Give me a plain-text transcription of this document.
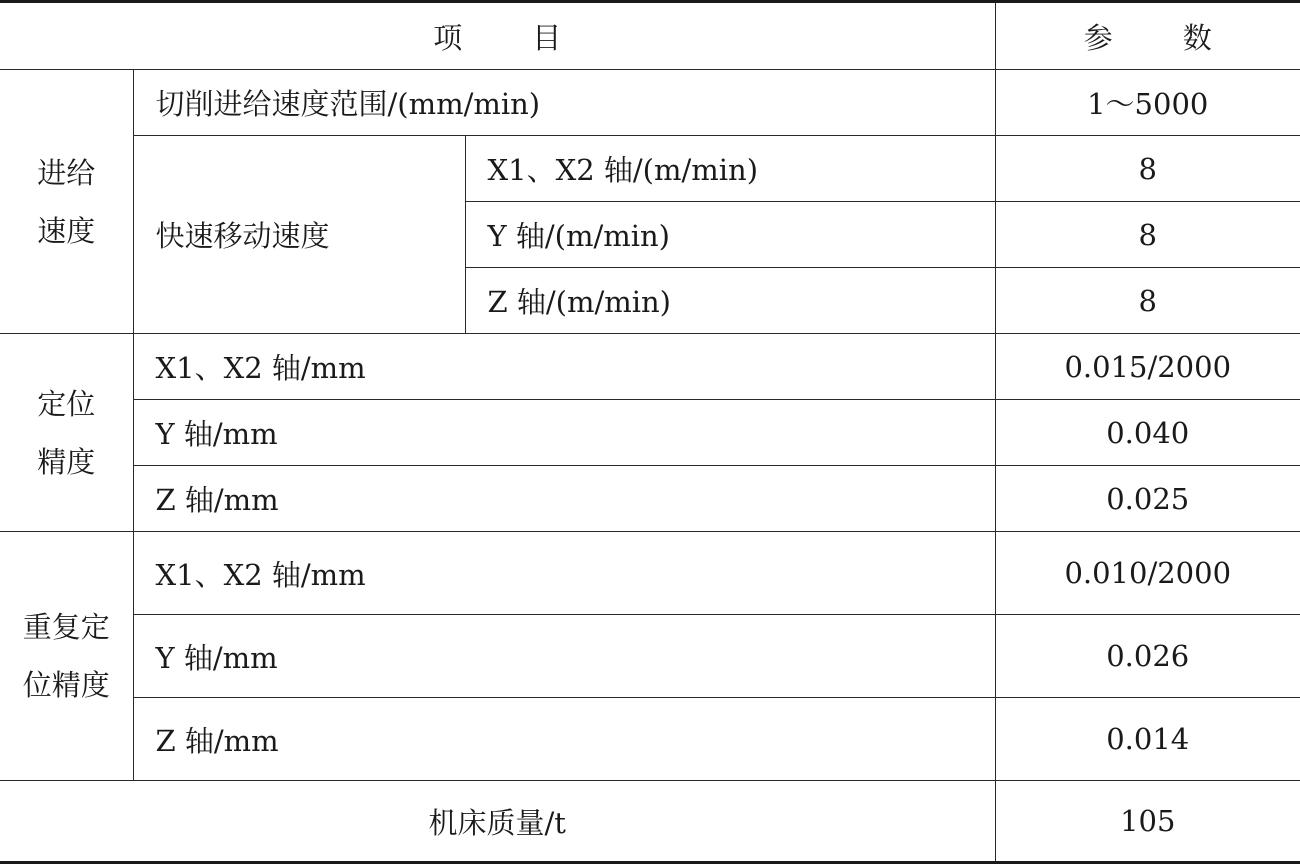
项 目			参 数

进给
速度	切削进给速度范围/(mm/min)		1～5000
	快速移动速度	X1、X2 轴/(m/min)	8
		Y 轴/(m/min)	8
		Z 轴/(m/min)	8

定位
精度	X1、X2 轴/mm		0.015/2000
	Y 轴/mm		0.040
	Z 轴/mm		0.025

重复定
位精度	X1、X2 轴/mm		0.010/2000
	Y 轴/mm		0.026
	Z 轴/mm		0.014
机床质量/t			105
